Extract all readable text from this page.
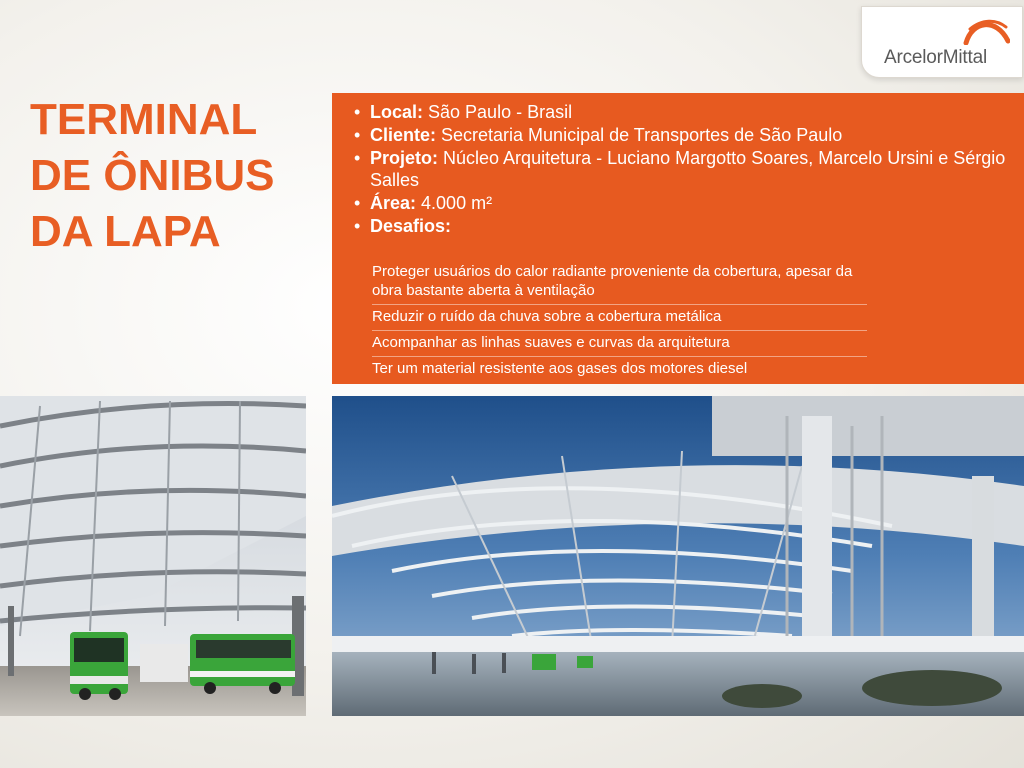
ArcelorMittal
TERMINAL
DE ÔNIBUS
DA LAPA
• Local: São Paulo - Brasil
• Cliente: Secretaria Municipal de Transportes de São Paulo
• Projeto: Núcleo Arquitetura - Luciano Margotto Soares, Marcelo Ursini e Sérgio Salles
• Área: 4.000 m²
• Desafios:
Proteger usuários do calor radiante proveniente da cobertura, apesar da obra bastante aberta à ventilação
Reduzir o ruído da chuva sobre a cobertura metálica
Acompanhar as linhas suaves e curvas da arquitetura
Ter um material resistente aos gases dos motores diesel
